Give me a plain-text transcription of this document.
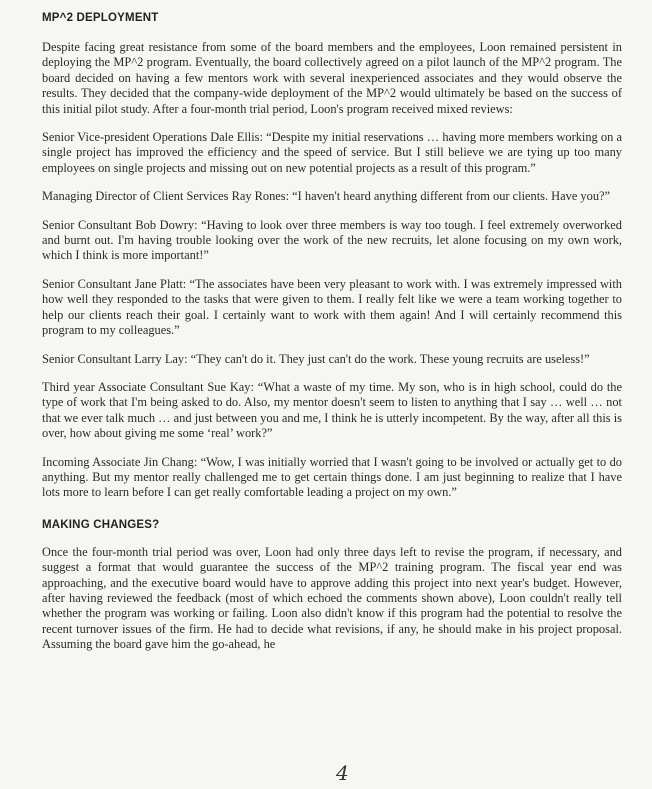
MP^2 DEPLOYMENT

Despite facing great resistance from some of the board members and the employees, Loon remained persistent in deploying the MP^2 program. Eventually, the board collectively agreed on a pilot launch of the MP^2 program. The board decided on having a few mentors work with several inexperienced associates and they would observe the results. They decided that the company-wide deployment of the MP^2 would ultimately be based on the success of this initial pilot study. After a four-month trial period, Loon's program received mixed reviews:

Senior Vice-president Operations Dale Ellis: “Despite my initial reservations … having more members working on a single project has improved the efficiency and the speed of service. But I still believe we are tying up too many employees on single projects and missing out on new potential projects as a result of this program.”

Managing Director of Client Services Ray Rones: “I haven't heard anything different from our clients. Have you?”

Senior Consultant Bob Dowry: “Having to look over three members is way too tough. I feel extremely overworked and burnt out. I'm having trouble looking over the work of the new recruits, let alone focusing on my own work, which I think is more important!”

Senior Consultant Jane Platt: “The associates have been very pleasant to work with. I was extremely impressed with how well they responded to the tasks that were given to them. I really felt like we were a team working together to help our clients reach their goal. I certainly want to work with them again! And I will certainly recommend this program to my colleagues.”

Senior Consultant Larry Lay: “They can't do it. They just can't do the work. These young recruits are useless!”

Third year Associate Consultant Sue Kay: “What a waste of my time. My son, who is in high school, could do the type of work that I'm being asked to do. Also, my mentor doesn't seem to listen to anything that I say … well … not that we ever talk much … and just between you and me, I think he is utterly incompetent. By the way, after all this is over, how about giving me some ‘real’ work?”

Incoming Associate Jin Chang: “Wow, I was initially worried that I wasn't going to be involved or actually get to do anything. But my mentor really challenged me to get certain things done. I am just beginning to realize that I have lots more to learn before I can get really comfortable leading a project on my own.”

MAKING CHANGES?

Once the four-month trial period was over, Loon had only three days left to revise the program, if necessary, and suggest a format that would guarantee the success of the MP^2 training program. The fiscal year end was approaching, and the executive board would have to approve adding this project into next year's budget. However, after having reviewed the feedback (most of which echoed the comments shown above), Loon couldn't really tell whether the program was working or failing. Loon also didn't know if this program had the potential to resolve the recent turnover issues of the firm. He had to decide what revisions, if any, he should make in his project proposal. Assuming the board gave him the go-ahead, he

4
